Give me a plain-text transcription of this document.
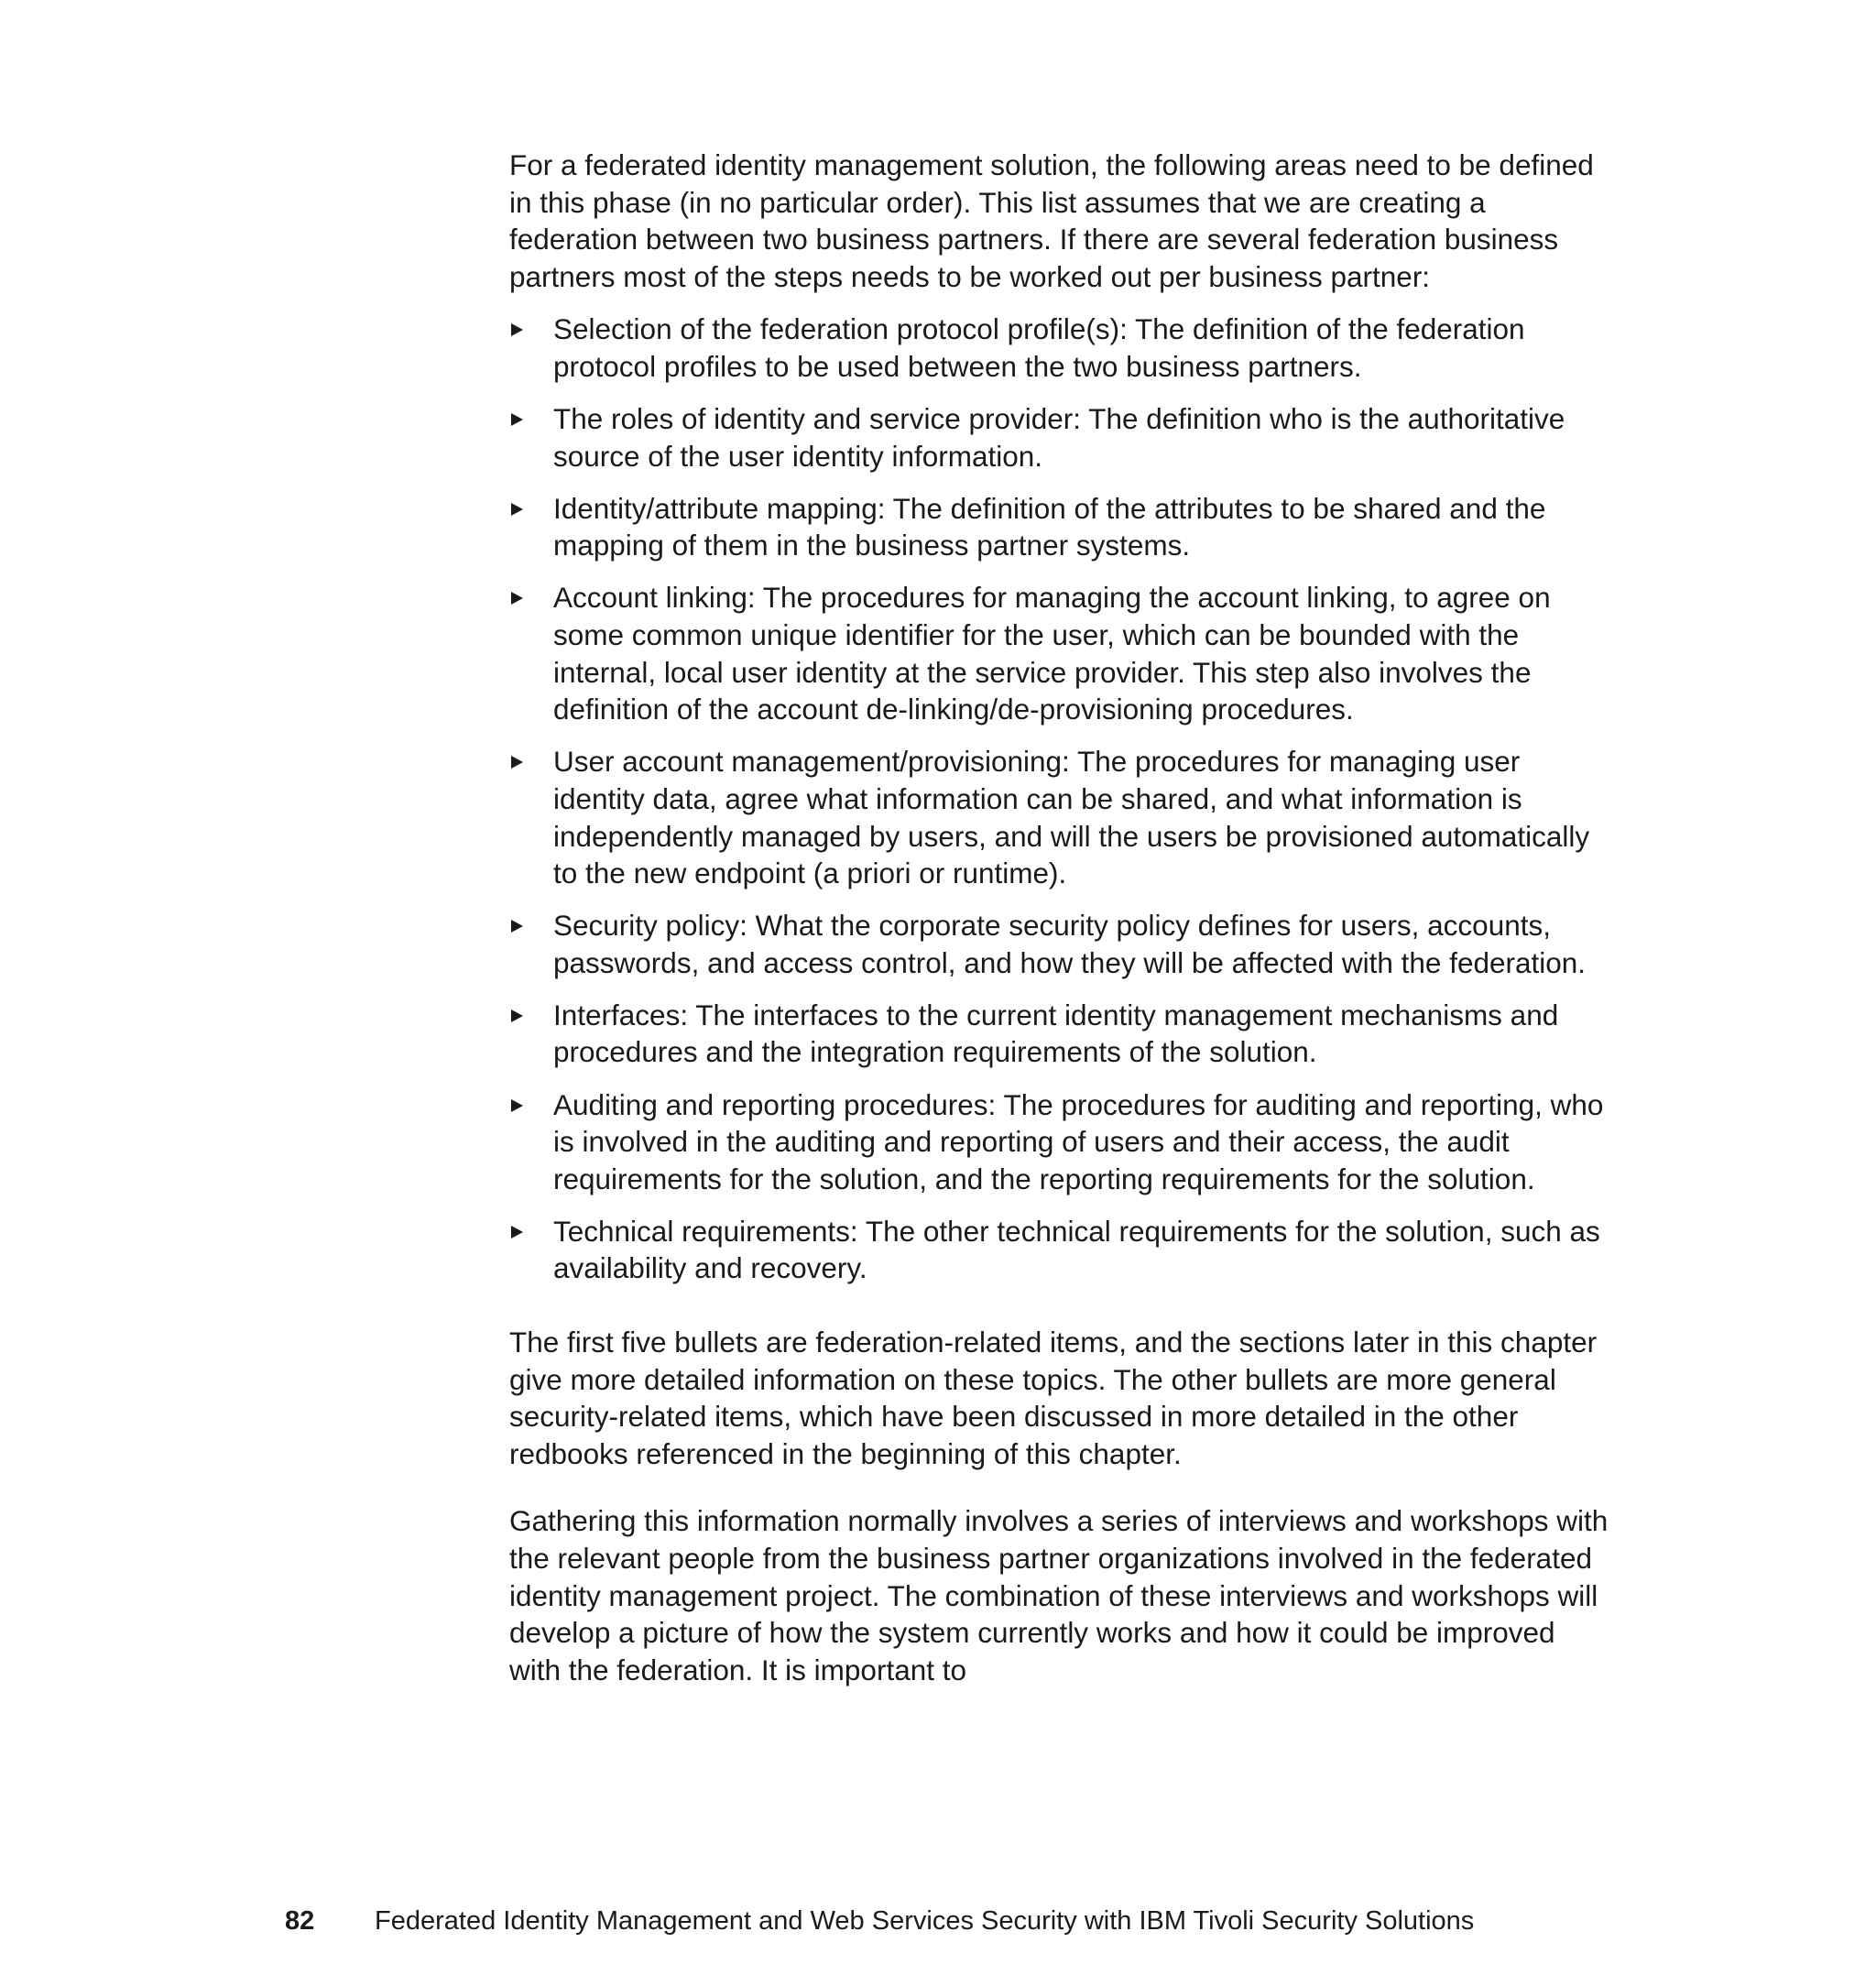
For a federated identity management solution, the following areas need to be defined in this phase (in no particular order). This list assumes that we are creating a federation between two business partners. If there are several federation business partners most of the steps needs to be worked out per business partner:

Selection of the federation protocol profile(s): The definition of the federation protocol profiles to be used between the two business partners.
The roles of identity and service provider: The definition who is the authoritative source of the user identity information.
Identity/attribute mapping: The definition of the attributes to be shared and the mapping of them in the business partner systems.
Account linking: The procedures for managing the account linking, to agree on some common unique identifier for the user, which can be bounded with the internal, local user identity at the service provider. This step also involves the definition of the account de-linking/de-provisioning procedures.
User account management/provisioning: The procedures for managing user identity data, agree what information can be shared, and what information is independently managed by users, and will the users be provisioned automatically to the new endpoint (a priori or runtime).
Security policy: What the corporate security policy defines for users, accounts, passwords, and access control, and how they will be affected with the federation.
Interfaces: The interfaces to the current identity management mechanisms and procedures and the integration requirements of the solution.
Auditing and reporting procedures: The procedures for auditing and reporting, who is involved in the auditing and reporting of users and their access, the audit requirements for the solution, and the reporting requirements for the solution.
Technical requirements: The other technical requirements for the solution, such as availability and recovery.

The first five bullets are federation-related items, and the sections later in this chapter give more detailed information on these topics. The other bullets are more general security-related items, which have been discussed in more detailed in the other redbooks referenced in the beginning of this chapter.

Gathering this information normally involves a series of interviews and workshops with the relevant people from the business partner organizations involved in the federated identity management project. The combination of these interviews and workshops will develop a picture of how the system currently works and how it could be improved with the federation. It is important to

82 Federated Identity Management and Web Services Security with IBM Tivoli Security Solutions
